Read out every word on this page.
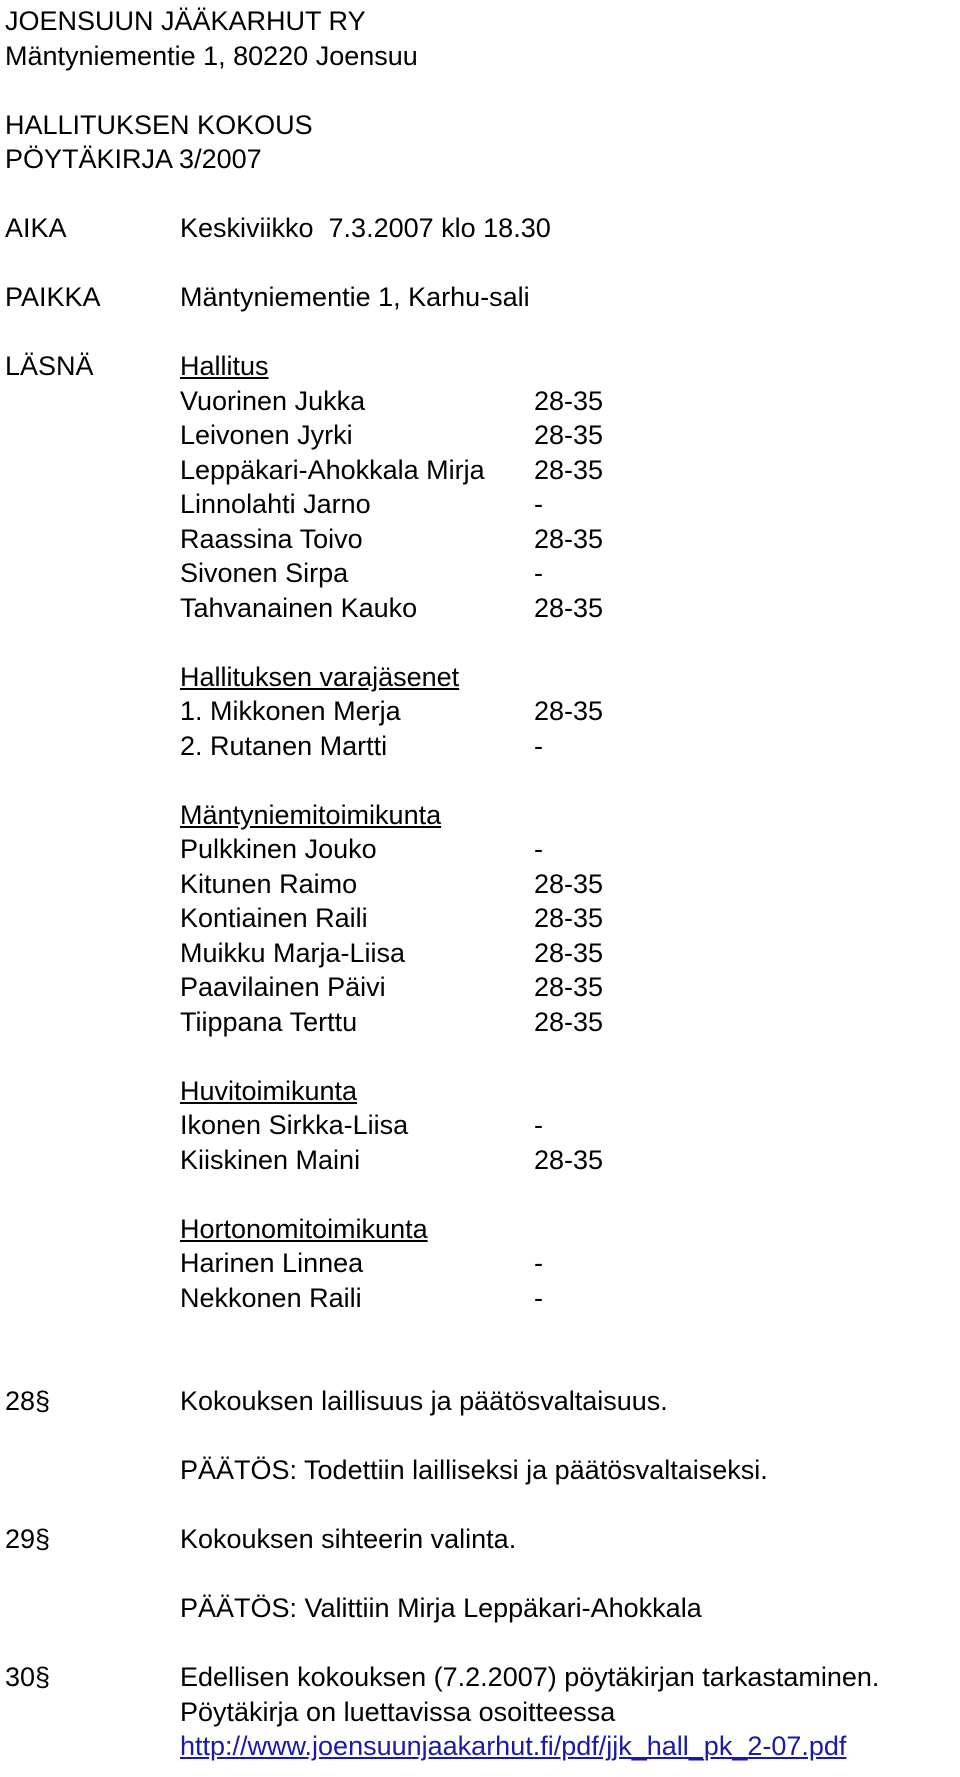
JOENSUUN JÄÄKARHUT RY
Mäntyniementie 1, 80220 Joensuu
HALLITUKSEN KOKOUS
PÖYTÄKIRJA 3/2007
AIKA	Keskiviikko  7.3.2007 klo 18.30
PAIKKA	Mäntyniementie 1, Karhu-sali
LÄSNÄ	Hallitus
Vuorinen Jukka	28-35
Leivonen Jyrki	28-35
Leppäkari-Ahokkala Mirja 28-35
Linnolahti Jarno	-
Raassina Toivo	28-35
Sivonen Sirpa	-
Tahvanainen Kauko	28-35
Hallituksen varajäsenet
1. Mikkonen Merja	28-35
2. Rutanen Martti	-
Mäntyniemitoimikunta
Pulkkinen Jouko	-
Kitunen Raimo	28-35
Kontiainen Raili	28-35
Muikku Marja-Liisa	28-35
Paavilainen Päivi	28-35
Tiippana Terttu	28-35
Huvitoimikunta
Ikonen Sirkka-Liisa	-
Kiiskinen Maini	28-35
Hortonomitoimikunta
Harinen Linnea	-
Nekkonen Raili	-
28§	Kokouksen laillisuus ja päätösvaltaisuus.
PÄÄTÖS: Todettiin lailliseksi ja päätösvaltaiseksi.
29§	Kokouksen sihteerin valinta.
PÄÄTÖS: Valittiin Mirja Leppäkari-Ahokkala
30§	Edellisen kokouksen (7.2.2007) pöytäkirjan tarkastaminen.
Pöytäkirja on luettavissa osoitteessa
http://www.joensuunjaakarhut.fi/pdf/jjk_hall_pk_2-07.pdf
